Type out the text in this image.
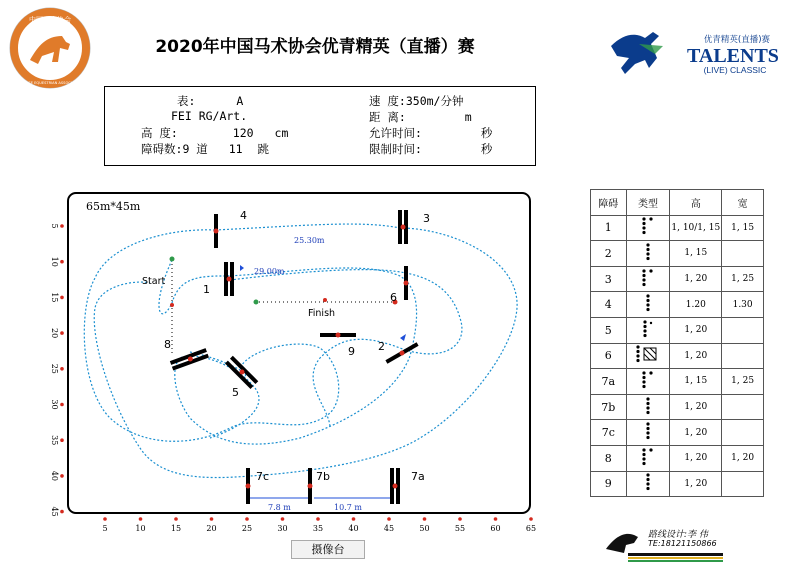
中国马术协会
CHINESE EQUESTRIAN ASSOCIATION
2020年中国马术协会优青精英（直播）赛	优青精英(直播)赛
TALENTS
(LIVE) CLASSIC
表:	A
FEI RG/Art.
高 度:	120 cm
障碍数:9 道 11 跳
速 度:350m/分钟
距 离:	m
允许时间:	秒
限制时间:	秒
65m*45m
5	10	15	20	25	30	35	40	45	50	55	60	65
5
10
15
20
25
30
35
40
45
Start
Finish
25.30m
29.00m
7.8 m	10.7 m
1
2
3
4
5
6
7a
7b
7c
8
9
摄像台
障碍	类型	高	宽
1		1, 10/1, 15	1, 15
2		1, 15	
3		1, 20	1, 25
4		1.20	1.30
5		1, 20	
6		1, 20	
7a		1, 15	1, 25
7b		1, 20	
7c		1, 20	
8		1, 20	1, 20
9		1, 20	
路线设计:李 伟
TE:18121150866
